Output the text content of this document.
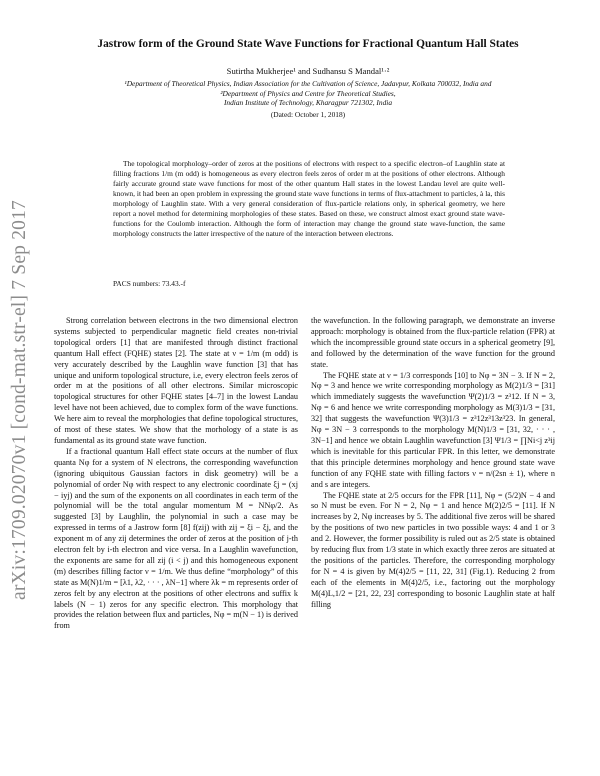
arXiv:1709.02070v1 [cond-mat.str-el] 7 Sep 2017
Jastrow form of the Ground State Wave Functions for Fractional Quantum Hall States
Sutirtha Mukherjee¹ and Sudhansu S Mandal¹·²
¹Department of Theoretical Physics, Indian Association for the Cultivation of Science, Jadavpur, Kolkata 700032, India and
²Department of Physics and Centre for Theoretical Studies,
Indian Institute of Technology, Kharagpur 721302, India
(Dated: October 1, 2018)
The topological morphology–order of zeros at the positions of electrons with respect to a specific electron–of Laughlin state at filling fractions 1/m (m odd) is homogeneous as every electron feels zeros of order m at the positions of other electrons. Although fairly accurate ground state wave functions for most of the other quantum Hall states in the lowest Landau level are quite well-known, it had been an open problem in expressing the ground state wave functions in terms of flux-attachment to particles, à la, this morphology of Laughlin state. With a very general consideration of flux-particle relations only, in spherical geometry, we here report a novel method for determining morphologies of these states. Based on these, we construct almost exact ground state wave-functions for the Coulomb interaction. Although the form of interaction may change the ground state wave-function, the same morphology constructs the latter irrespective of the nature of the interaction between electrons.
PACS numbers: 73.43.-f

Strong correlation between electrons in the two dimensional electron systems subjected to perpendicular magnetic field creates non-trivial topological orders [1] that are manifested through distinct fractional quantum Hall effect (FQHE) states [2]. The state at ν = 1/m (m odd) is very accurately described by the Laughlin wave function [3] that has unique and uniform topological structure, i.e, every electron feels zeros of order m at the positions of all other electrons. Similar microscopic topological structures for other FQHE states [4–7] in the lowest Landau level have not been achieved, due to complex form of the wave functions. We here aim to reveal the morphologies that define topological structures, of most of these states. We show that the morhology of a state is as fundamental as its ground state wave function.

If a fractional quantum Hall effect state occurs at the number of flux quanta Nφ for a system of N electrons, the corresponding wavefunction (ignoring ubiquitous Gaussian factors in disk geometry) will be a polynomial of order Nφ with respect to any electronic coordinate ξj = (xj − iyj) and the sum of the exponents on all coordinates in each term of the polynomial will be the total angular momentum M = NNφ/2. As suggested [3] by Laughlin, the polynomial in such a case may be expressed in terms of a Jastrow form [8] f(zij) with zij = ξi − ξj, and the exponent m of any zij determines the order of zeros at the position of j-th electron felt by i-th electron and vice versa. In a Laughlin wavefunction, the exponents are same for all zij (i < j) and this homogeneous exponent (m) describes filling factor ν = 1/m. We thus define “morphology” of this state as M(N)1/m = [λ1, λ2, · · · , λN−1] where λk = m represents order of zeros felt by any electron at the positions of other electrons and suffix k labels (N − 1) zeros for any specific electron. This morphology that provides the relation between flux and particles, Nφ = m(N − 1) is derived from

the wavefunction. In the following paragraph, we demonstrate an inverse approach: morphology is obtained from the flux-particle relation (FPR) at which the incompressible ground state occurs in a spherical geometry [9], and followed by the determination of the wave function for the ground state.

The FQHE state at ν = 1/3 corresponds [10] to Nφ = 3N − 3. If N = 2, Nφ = 3 and hence we write corresponding morphology as M(2)1/3 = [31] which immediately suggests the wavefunction Ψ(2)1/3 = z³12. If N = 3, Nφ = 6 and hence we write corresponding morphology as M(3)1/3 = [31, 32] that suggests the wavefunction Ψ(3)1/3 = z³12z³13z³23. In general, Nφ = 3N − 3 corresponds to the morphology M(N)1/3 = [31, 32, · · · , 3N−1] and hence we obtain Laughlin wavefunction [3] Ψ1/3 = ∏Ni<j z³ij which is inevitable for this particular FPR. In this letter, we demonstrate that this principle determines morphology and hence ground state wave function of any FQHE state with filling factors ν = n/(2sn ± 1), where n and s are integers.

The FQHE state at 2/5 occurs for the FPR [11], Nφ = (5/2)N − 4 and so N must be even. For N = 2, Nφ = 1 and hence M(2)2/5 = [11]. If N increases by 2, Nφ increases by 5. The additional five zeros will be shared by the positions of two new particles in two possible ways: 4 and 1 or 3 and 2. However, the former possibility is ruled out as 2/5 state is obtained by reducing flux from 1/3 state in which exactly three zeros are situated at the positions of the particles. Therefore, the corresponding morphology for N = 4 is given by M(4)2/5 = [11, 22, 31] (Fig.1). Reducing 2 from each of the elements in M(4)2/5, i.e., factoring out the morphology M(4)L,1/2 = [21, 22, 23] corresponding to bosonic Laughlin state at half filling
